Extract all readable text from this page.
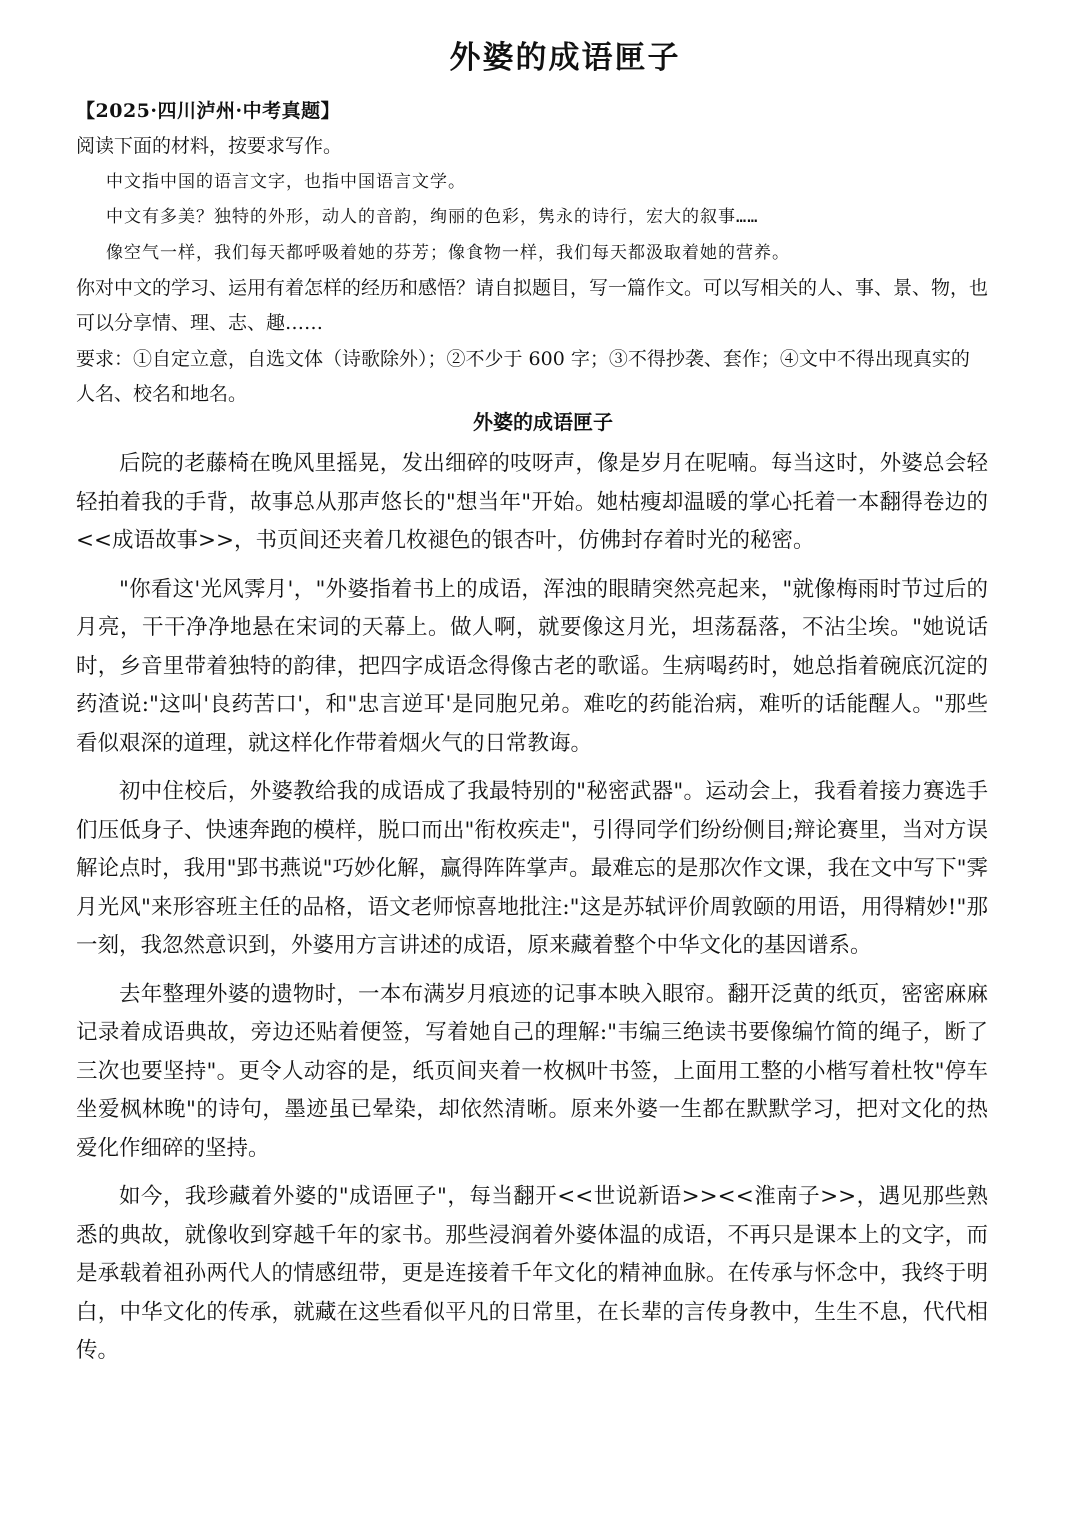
外婆的成语匣子

【2025·四川泸州·中考真题】

阅读下面的材料，按要求写作。

中文指中国的语言文字，也指中国语言文学。

中文有多美？独特的外形，动人的音韵，绚丽的色彩，隽永的诗行，宏大的叙事……

像空气一样，我们每天都呼吸着她的芬芳；像食物一样，我们每天都汲取着她的营养。

你对中文的学习、运用有着怎样的经历和感悟？请自拟题目，写一篇作文。可以写相关的人、事、景、物，也可以分享情、理、志、趣……

要求：①自定立意，自选文体（诗歌除外）；②不少于 600 字；③不得抄袭、套作；④文中不得出现真实的人名、校名和地名。

外婆的成语匣子

后院的老藤椅在晚风里摇晃，发出细碎的吱呀声，像是岁月在呢喃。每当这时，外婆总会轻轻拍着我的手背，故事总从那声悠长的"想当年"开始。她枯瘦却温暖的掌心托着一本翻得卷边的<<成语故事>>，书页间还夹着几枚褪色的银杏叶，仿佛封存着时光的秘密。

"你看这'光风霁月'，"外婆指着书上的成语，浑浊的眼睛突然亮起来，"就像梅雨时节过后的月亮，干干净净地悬在宋词的天幕上。做人啊，就要像这月光，坦荡磊落，不沾尘埃。"她说话时，乡音里带着独特的韵律，把四字成语念得像古老的歌谣。生病喝药时，她总指着碗底沉淀的药渣说:"这叫'良药苦口'，和"忠言逆耳'是同胞兄弟。难吃的药能治病，难听的话能醒人。"那些看似艰深的道理，就这样化作带着烟火气的日常教诲。

初中住校后，外婆教给我的成语成了我最特别的"秘密武器"。运动会上，我看着接力赛选手们压低身子、快速奔跑的模样，脱口而出"衔枚疾走"，引得同学们纷纷侧目;辩论赛里，当对方误解论点时，我用"郢书燕说"巧妙化解，赢得阵阵掌声。最难忘的是那次作文课，我在文中写下"霁月光风"来形容班主任的品格，语文老师惊喜地批注:"这是苏轼评价周敦颐的用语，用得精妙!"那一刻，我忽然意识到，外婆用方言讲述的成语，原来藏着整个中华文化的基因谱系。

去年整理外婆的遗物时，一本布满岁月痕迹的记事本映入眼帘。翻开泛黄的纸页，密密麻麻记录着成语典故，旁边还贴着便签，写着她自己的理解:"韦编三绝读书要像编竹简的绳子，断了三次也要坚持"。更令人动容的是，纸页间夹着一枚枫叶书签，上面用工整的小楷写着杜牧"停车坐爱枫林晚"的诗句，墨迹虽已晕染，却依然清晰。原来外婆一生都在默默学习，把对文化的热爱化作细碎的坚持。

如今，我珍藏着外婆的"成语匣子"，每当翻开<<世说新语>><<淮南子>>，遇见那些熟悉的典故，就像收到穿越千年的家书。那些浸润着外婆体温的成语，不再只是课本上的文字，而是承载着祖孙两代人的情感纽带，更是连接着千年文化的精神血脉。在传承与怀念中，我终于明白，中华文化的传承，就藏在这些看似平凡的日常里，在长辈的言传身教中，生生不息，代代相传。
